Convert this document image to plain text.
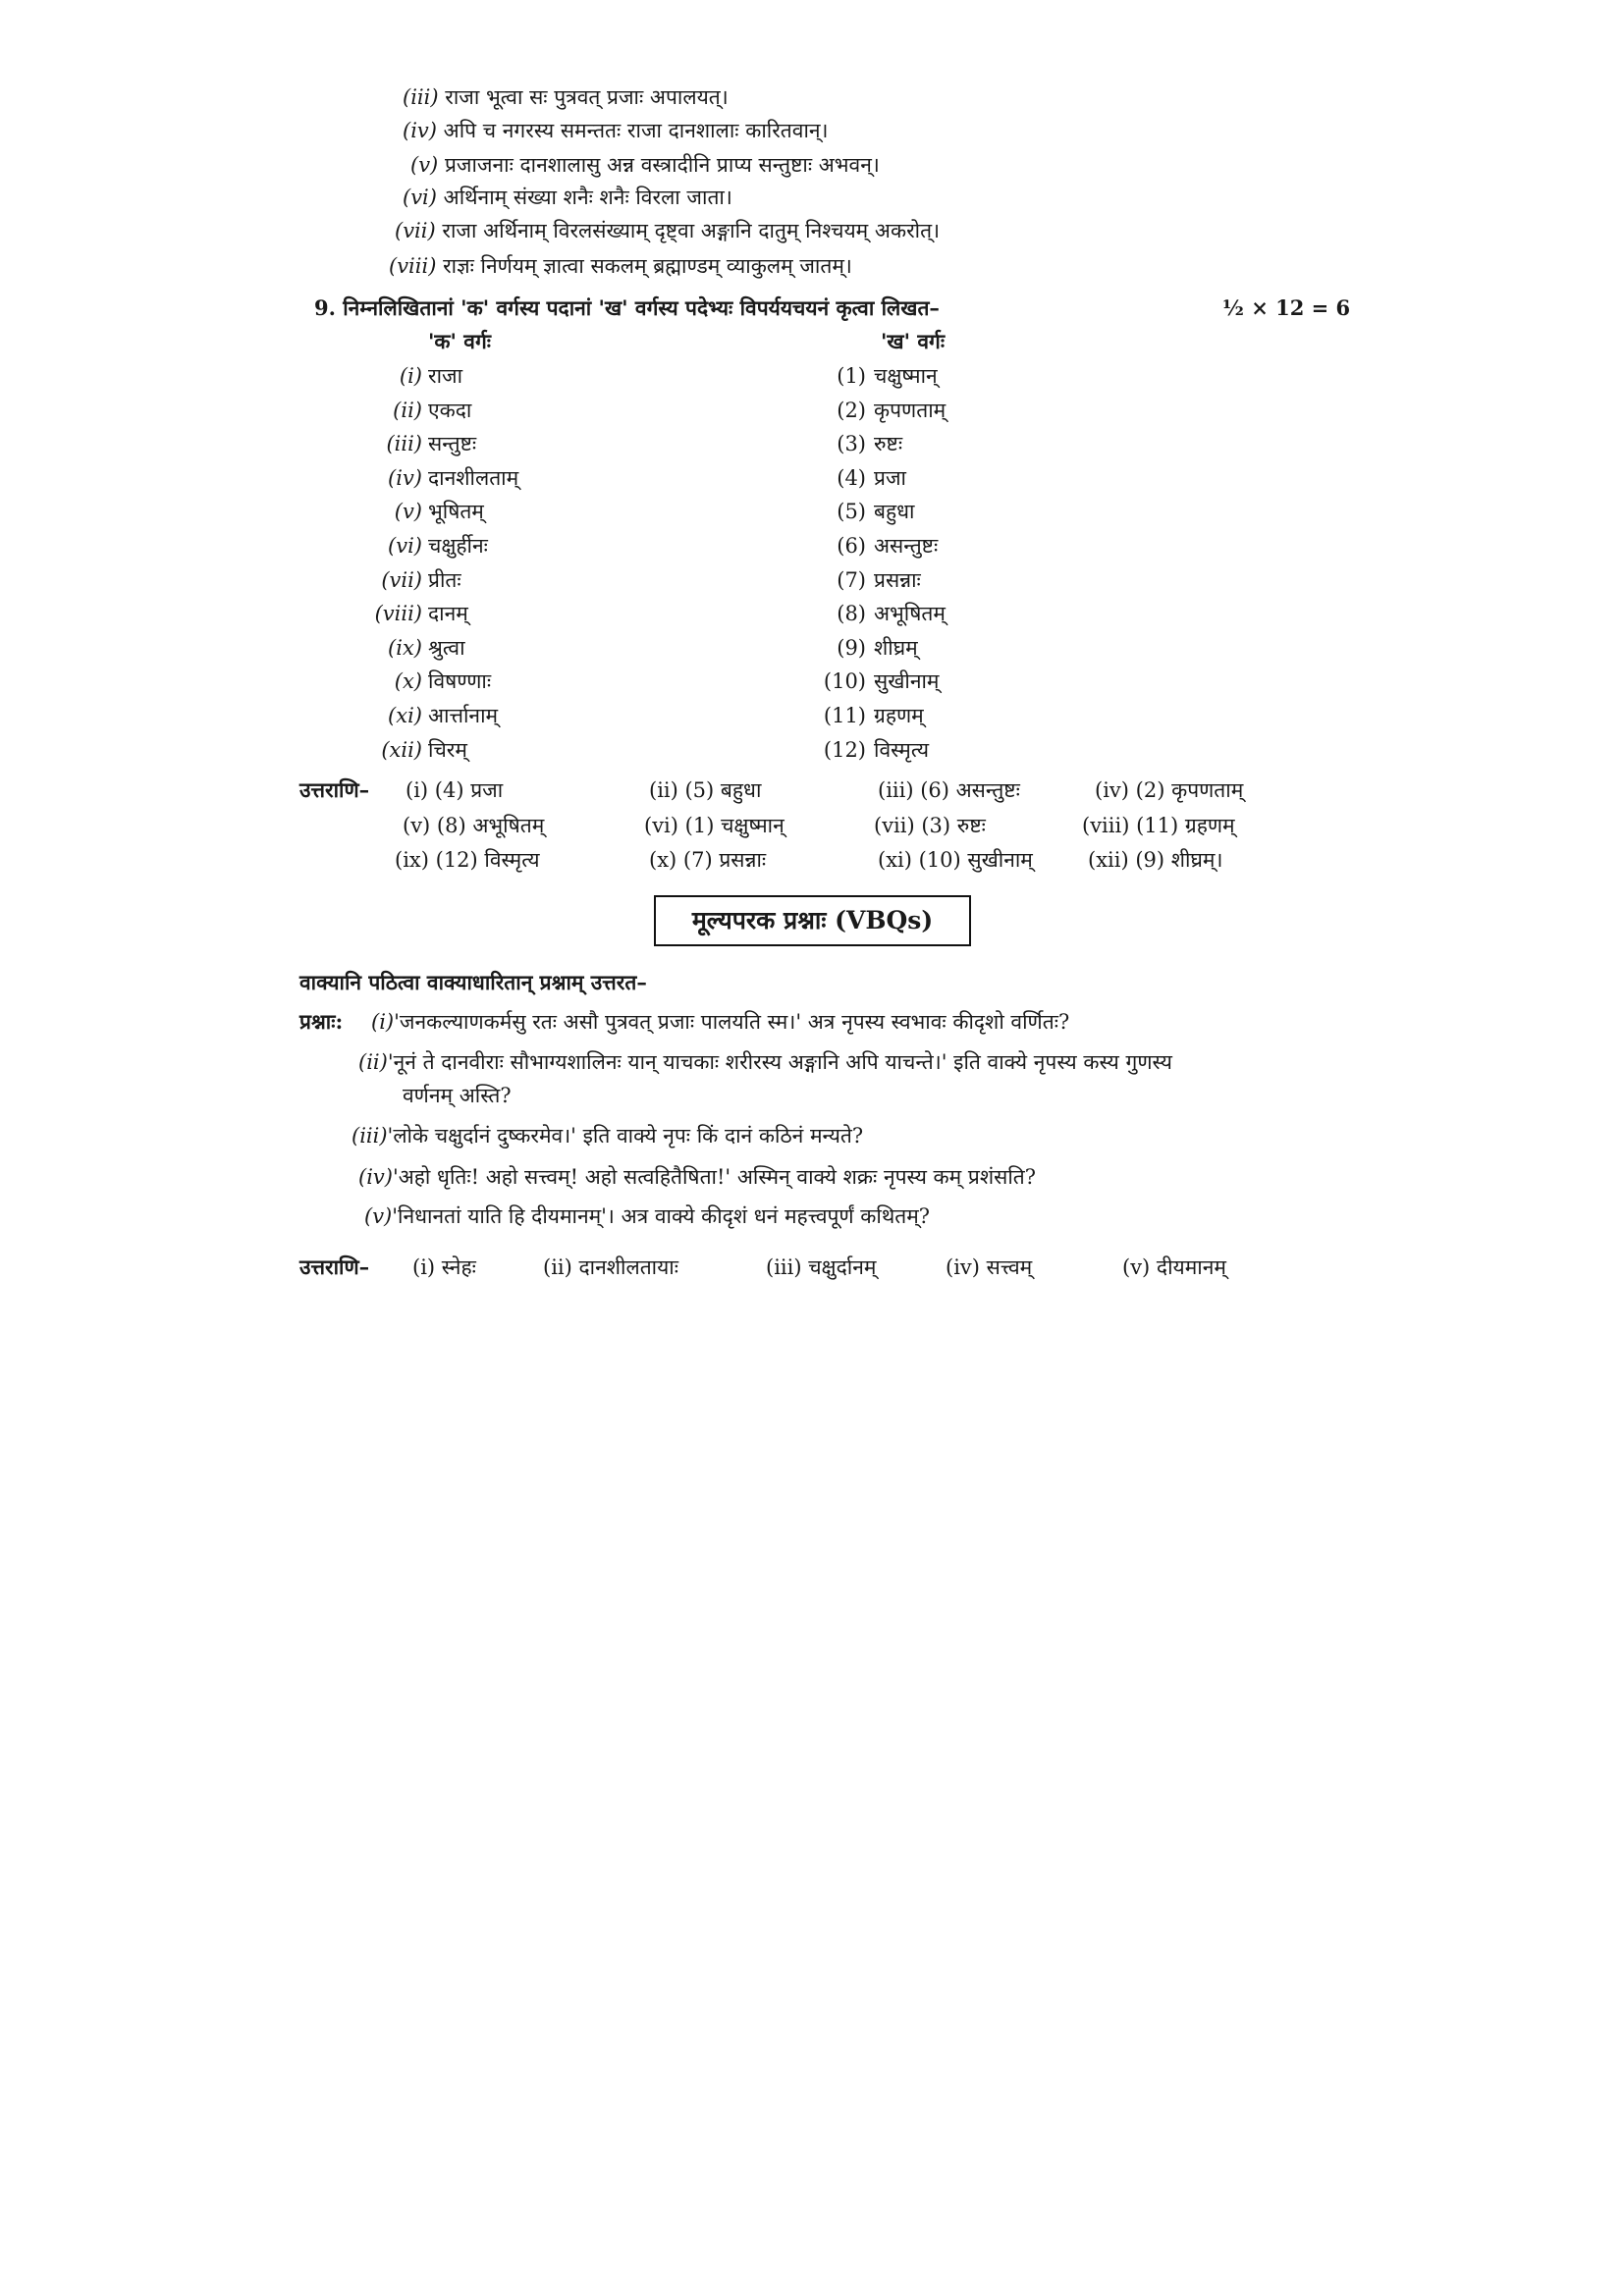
(iii) राजा भूत्वा सः पुत्रवत् प्रजाः अपालयत्।
(iv) अपि च नगरस्य समन्ततः राजा दानशालाः कारितवान्।
(v) प्रजाजनाः दानशालासु अन्न वस्त्रादीनि प्राप्य सन्तुष्टाः अभवन्।
(vi) अर्थिनाम् संख्या शनैः शनैः विरला जाता।
(vii) राजा अर्थिनाम् विरलसंख्याम् दृष्ट्वा अङ्गानि दातुम् निश्चयम् अकरोत्।
(viii) राज्ञः निर्णयम् ज्ञात्वा सकलम् ब्रह्माण्डम् व्याकुलम् जातम्।
9. निम्नलिखितानां 'क' वर्गस्य पदानां 'ख' वर्गस्य पदेभ्यः विपर्ययचयनं कृत्वा लिखत–	½ × 12 = 6
'क' वर्गः	'ख' वर्गः
(i) राजा	(1) चक्षुष्मान्
(ii) एकदा	(2) कृपणताम्
(iii) सन्तुष्टः	(3) रुष्टः
(iv) दानशीलताम्	(4) प्रजा
(v) भूषितम्	(5) बहुधा
(vi) चक्षुर्हीनः	(6) असन्तुष्टः
(vii) प्रीतः	(7) प्रसन्नाः
(viii) दानम्	(8) अभूषितम्
(ix) श्रुत्वा	(9) शीघ्रम्
(x) विषण्णाः	(10) सुखीनाम्
(xi) आर्त्तानाम्	(11) ग्रहणम्
(xii) चिरम्	(12) विस्मृत्य
उत्तराणि– (i) (4) प्रजा	(ii) (5) बहुधा	(iii) (6) असन्तुष्टः	(iv) (2) कृपणताम्
(v) (8) अभूषितम्	(vi) (1) चक्षुष्मान्	(vii) (3) रुष्टः	(viii) (11) ग्रहणम्
(ix) (12) विस्मृत्य	(x) (7) प्रसन्नाः	(xi) (10) सुखीनाम्	(xii) (9) शीघ्रम्।
मूल्यपरक प्रश्नाः (VBQs)
वाक्यानि पठित्वा वाक्याधारितान् प्रश्नाम् उत्तरत–
प्रश्नाः: (i)'जनकल्याणकर्मसु रतः असौ पुत्रवत् प्रजाः पालयति स्म।' अत्र नृपस्य स्वभावः कीदृशो वर्णितः?
(ii)'नूनं ते दानवीराः सौभाग्यशालिनः यान् याचकाः शरीरस्य अङ्गानि अपि याचन्ते।' इति वाक्ये नृपस्य कस्य गुणस्य
वर्णनम् अस्ति?
(iii)'लोके चक्षुर्दानं दुष्करमेव।' इति वाक्ये नृपः किं दानं कठिनं मन्यते?
(iv)'अहो धृतिः! अहो सत्त्वम्! अहो सत्वहितैषिता!' अस्मिन् वाक्ये शक्रः नृपस्य कम् प्रशंसति?
(v)'निधानतां याति हि दीयमानम्'। अत्र वाक्ये कीदृशं धनं महत्त्वपूर्णं कथितम्?
उत्तराणि– (i) स्नेहः	(ii) दानशीलतायाः	(iii) चक्षुर्दानम्	(iv) सत्त्वम्	(v) दीयमानम्
